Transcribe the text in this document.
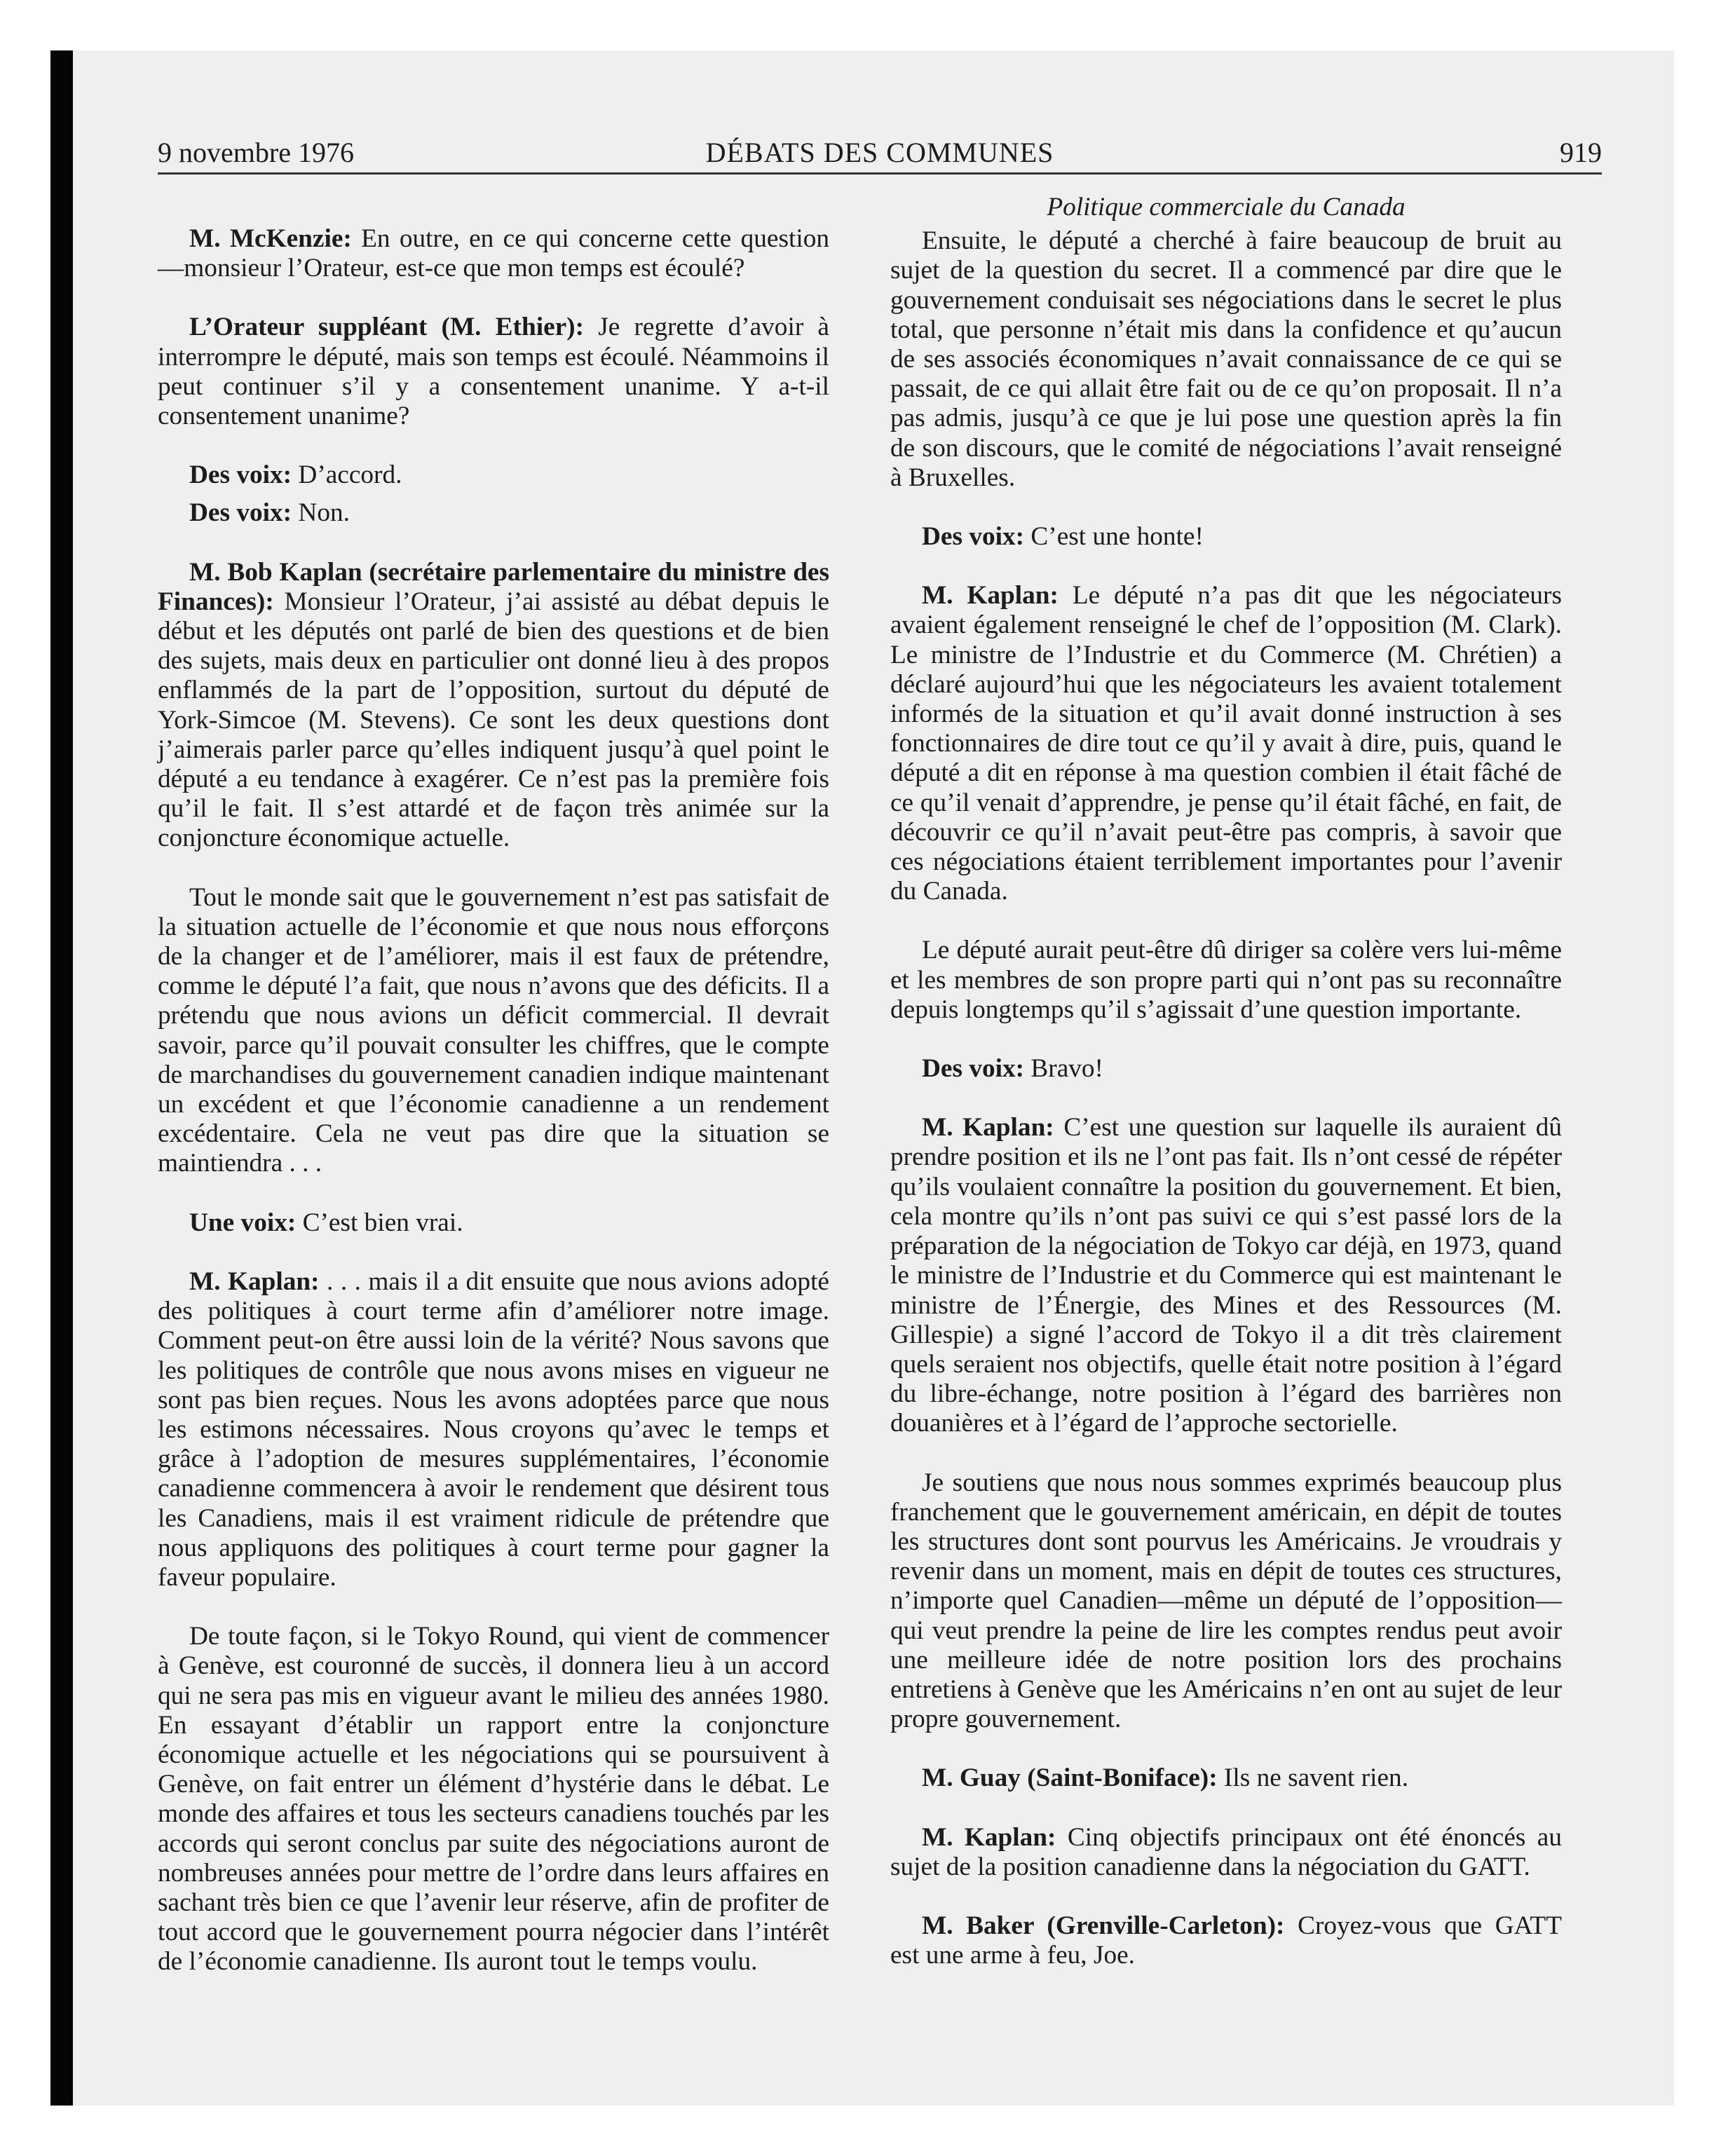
DÉBATS DES COMMUNES
9 novembre 1976	919

M. McKenzie: En outre, en ce qui concerne cette question—monsieur l’Orateur, est-ce que mon temps est écoulé?

L’Orateur suppléant (M. Ethier): Je regrette d’avoir à interrompre le député, mais son temps est écoulé. Néammoins il peut continuer s’il y a consentement unanime. Y a-t-il consentement unanime?

Des voix: D’accord.

Des voix: Non.

M. Bob Kaplan (secrétaire parlementaire du ministre des Finances): Monsieur l’Orateur, j’ai assisté au débat depuis le début et les députés ont parlé de bien des questions et de bien des sujets, mais deux en particulier ont donné lieu à des propos enflammés de la part de l’opposition, surtout du député de York-Simcoe (M. Stevens). Ce sont les deux questions dont j’aimerais parler parce qu’elles indiquent jusqu’à quel point le député a eu tendance à exagérer. Ce n’est pas la première fois qu’il le fait. Il s’est attardé et de façon très animée sur la conjoncture économique actuelle.

Tout le monde sait que le gouvernement n’est pas satisfait de la situation actuelle de l’économie et que nous nous efforçons de la changer et de l’améliorer, mais il est faux de prétendre, comme le député l’a fait, que nous n’avons que des déficits. Il a prétendu que nous avions un déficit commercial. Il devrait savoir, parce qu’il pouvait consulter les chiffres, que le compte de marchandises du gouvernement canadien indique maintenant un excédent et que l’économie canadienne a un rendement excédentaire. Cela ne veut pas dire que la situation se maintiendra . . .

Une voix: C’est bien vrai.

M. Kaplan: . . . mais il a dit ensuite que nous avions adopté des politiques à court terme afin d’améliorer notre image. Comment peut-on être aussi loin de la vérité? Nous savons que les politiques de contrôle que nous avons mises en vigueur ne sont pas bien reçues. Nous les avons adoptées parce que nous les estimons nécessaires. Nous croyons qu’avec le temps et grâce à l’adoption de mesures supplémentaires, l’économie canadienne commencera à avoir le rendement que désirent tous les Canadiens, mais il est vraiment ridicule de prétendre que nous appliquons des politiques à court terme pour gagner la faveur populaire.

De toute façon, si le Tokyo Round, qui vient de commencer à Genève, est couronné de succès, il donnera lieu à un accord qui ne sera pas mis en vigueur avant le milieu des années 1980. En essayant d’établir un rapport entre la conjoncture économique actuelle et les négociations qui se poursuivent à Genève, on fait entrer un élément d’hystérie dans le débat. Le monde des affaires et tous les secteurs canadiens touchés par les accords qui seront conclus par suite des négociations auront de nombreuses années pour mettre de l’ordre dans leurs affaires en sachant très bien ce que l’avenir leur réserve, afin de profiter de tout accord que le gouvernement pourra négocier dans l’intérêt de l’économie canadienne. Ils auront tout le temps voulu.

Politique commerciale du Canada

Ensuite, le député a cherché à faire beaucoup de bruit au sujet de la question du secret. Il a commencé par dire que le gouvernement conduisait ses négociations dans le secret le plus total, que personne n’était mis dans la confidence et qu’aucun de ses associés économiques n’avait connaissance de ce qui se passait, de ce qui allait être fait ou de ce qu’on proposait. Il n’a pas admis, jusqu’à ce que je lui pose une question après la fin de son discours, que le comité de négociations l’avait renseigné à Bruxelles.

Des voix: C’est une honte!

M. Kaplan: Le député n’a pas dit que les négociateurs avaient également renseigné le chef de l’opposition (M. Clark). Le ministre de l’Industrie et du Commerce (M. Chrétien) a déclaré aujourd’hui que les négociateurs les avaient totalement informés de la situation et qu’il avait donné instruction à ses fonctionnaires de dire tout ce qu’il y avait à dire, puis, quand le député a dit en réponse à ma question combien il était fâché de ce qu’il venait d’apprendre, je pense qu’il était fâché, en fait, de découvrir ce qu’il n’avait peut-être pas compris, à savoir que ces négociations étaient terriblement importantes pour l’avenir du Canada.

Le député aurait peut-être dû diriger sa colère vers lui-même et les membres de son propre parti qui n’ont pas su reconnaître depuis longtemps qu’il s’agissait d’une question importante.

Des voix: Bravo!

M. Kaplan: C’est une question sur laquelle ils auraient dû prendre position et ils ne l’ont pas fait. Ils n’ont cessé de répéter qu’ils voulaient connaître la position du gouvernement. Et bien, cela montre qu’ils n’ont pas suivi ce qui s’est passé lors de la préparation de la négociation de Tokyo car déjà, en 1973, quand le ministre de l’Industrie et du Commerce qui est maintenant le ministre de l’Énergie, des Mines et des Ressources (M. Gillespie) a signé l’accord de Tokyo il a dit très clairement quels seraient nos objectifs, quelle était notre position à l’égard du libre-échange, notre position à l’égard des barrières non douanières et à l’égard de l’approche sectorielle.

Je soutiens que nous nous sommes exprimés beaucoup plus franchement que le gouvernement américain, en dépit de toutes les structures dont sont pourvus les Américains. Je vroudrais y revenir dans un moment, mais en dépit de toutes ces structures, n’importe quel Canadien—même un député de l’opposition—qui veut prendre la peine de lire les comptes rendus peut avoir une meilleure idée de notre position lors des prochains entretiens à Genève que les Américains n’en ont au sujet de leur propre gouvernement.

M. Guay (Saint-Boniface): Ils ne savent rien.

M. Kaplan: Cinq objectifs principaux ont été énoncés au sujet de la position canadienne dans la négociation du GATT.

M. Baker (Grenville-Carleton): Croyez-vous que GATT est une arme à feu, Joe.
